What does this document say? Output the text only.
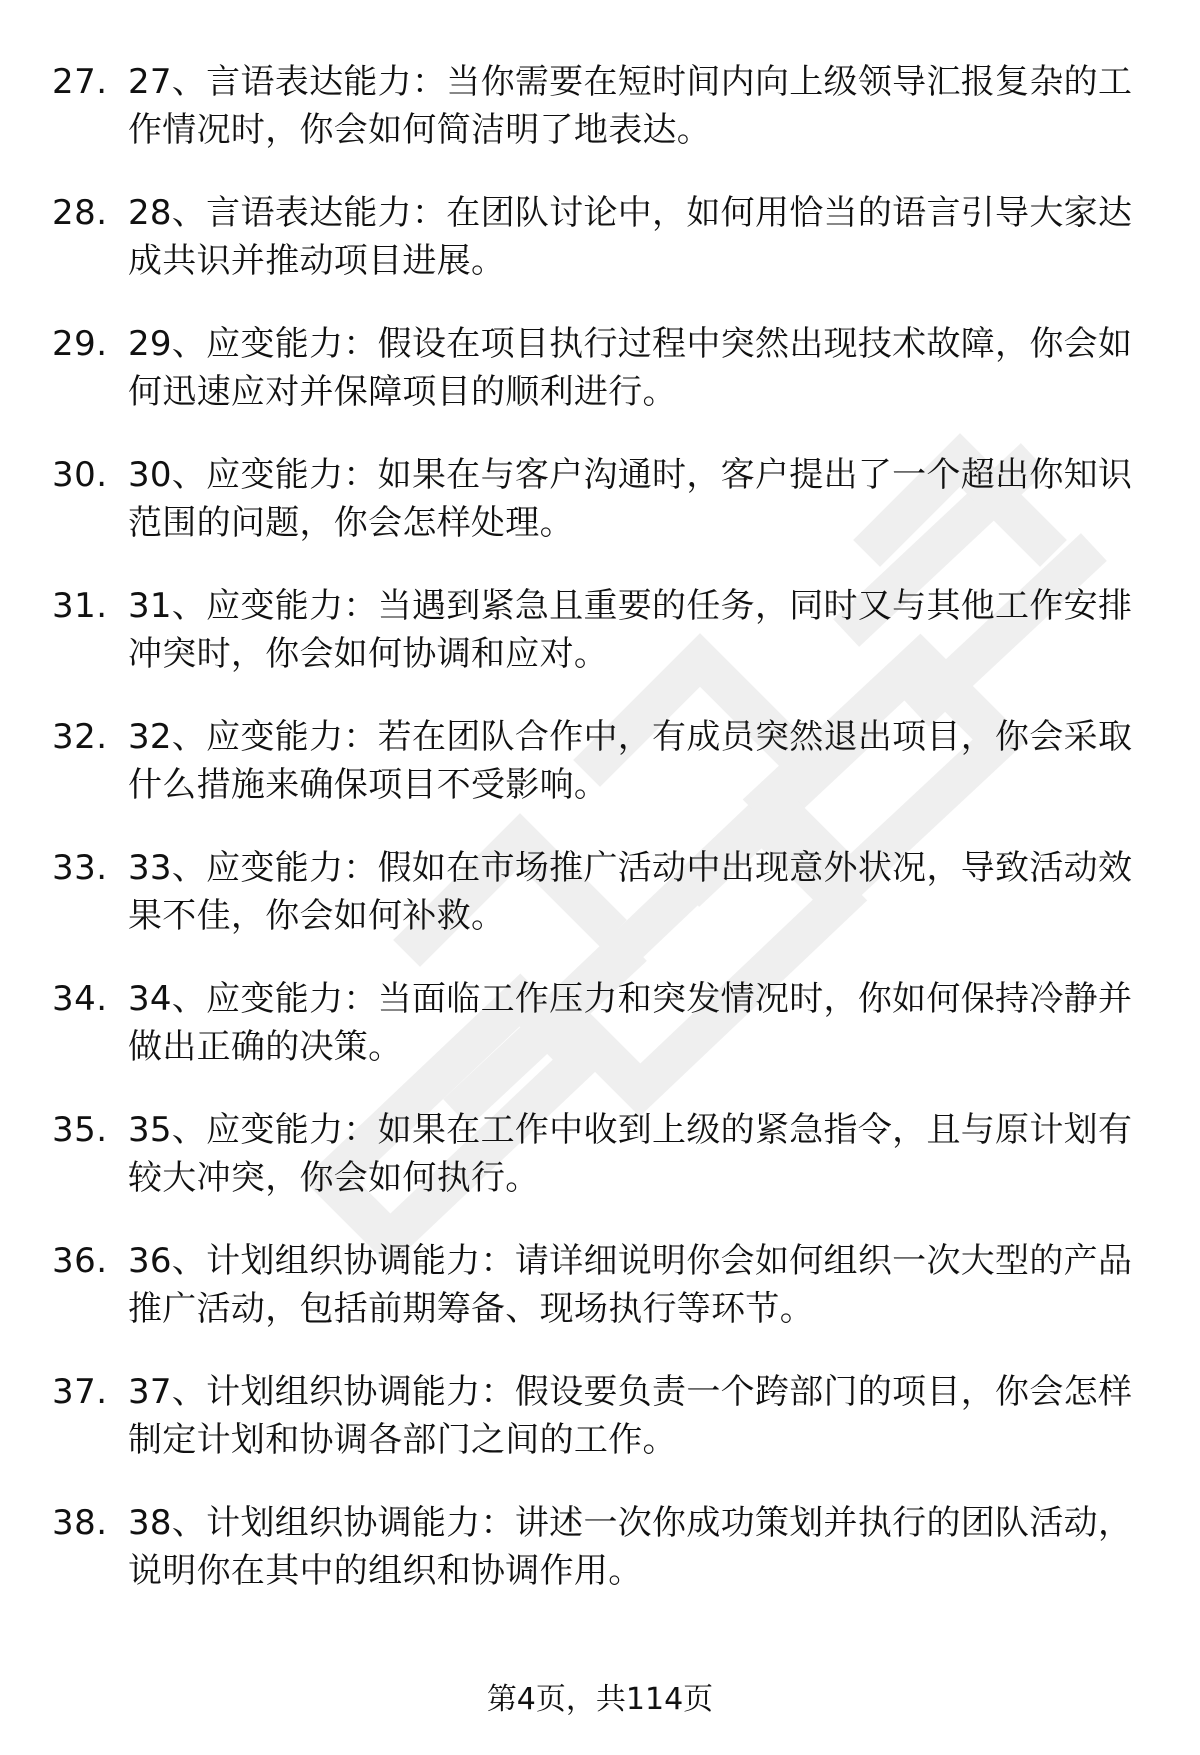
27. 27、言语表达能力：当你需要在短时间内向上级领导汇报复杂的工作情况时，你会如何简洁明了地表达。
28. 28、言语表达能力：在团队讨论中，如何用恰当的语言引导大家达成共识并推动项目进展。
29. 29、应变能力：假设在项目执行过程中突然出现技术故障，你会如何迅速应对并保障项目的顺利进行。
30. 30、应变能力：如果在与客户沟通时，客户提出了一个超出你知识范围的问题，你会怎样处理。
31. 31、应变能力：当遇到紧急且重要的任务，同时又与其他工作安排冲突时，你会如何协调和应对。
32. 32、应变能力：若在团队合作中，有成员突然退出项目，你会采取什么措施来确保项目不受影响。
33. 33、应变能力：假如在市场推广活动中出现意外状况，导致活动效果不佳，你会如何补救。
34. 34、应变能力：当面临工作压力和突发情况时，你如何保持冷静并做出正确的决策。
35. 35、应变能力：如果在工作中收到上级的紧急指令，且与原计划有较大冲突，你会如何执行。
36. 36、计划组织协调能力：请详细说明你会如何组织一次大型的产品推广活动，包括前期筹备、现场执行等环节。
37. 37、计划组织协调能力：假设要负责一个跨部门的项目，你会怎样制定计划和协调各部门之间的工作。
38. 38、计划组织协调能力：讲述一次你成功策划并执行的团队活动，说明你在其中的组织和协调作用。
第4页，共114页
